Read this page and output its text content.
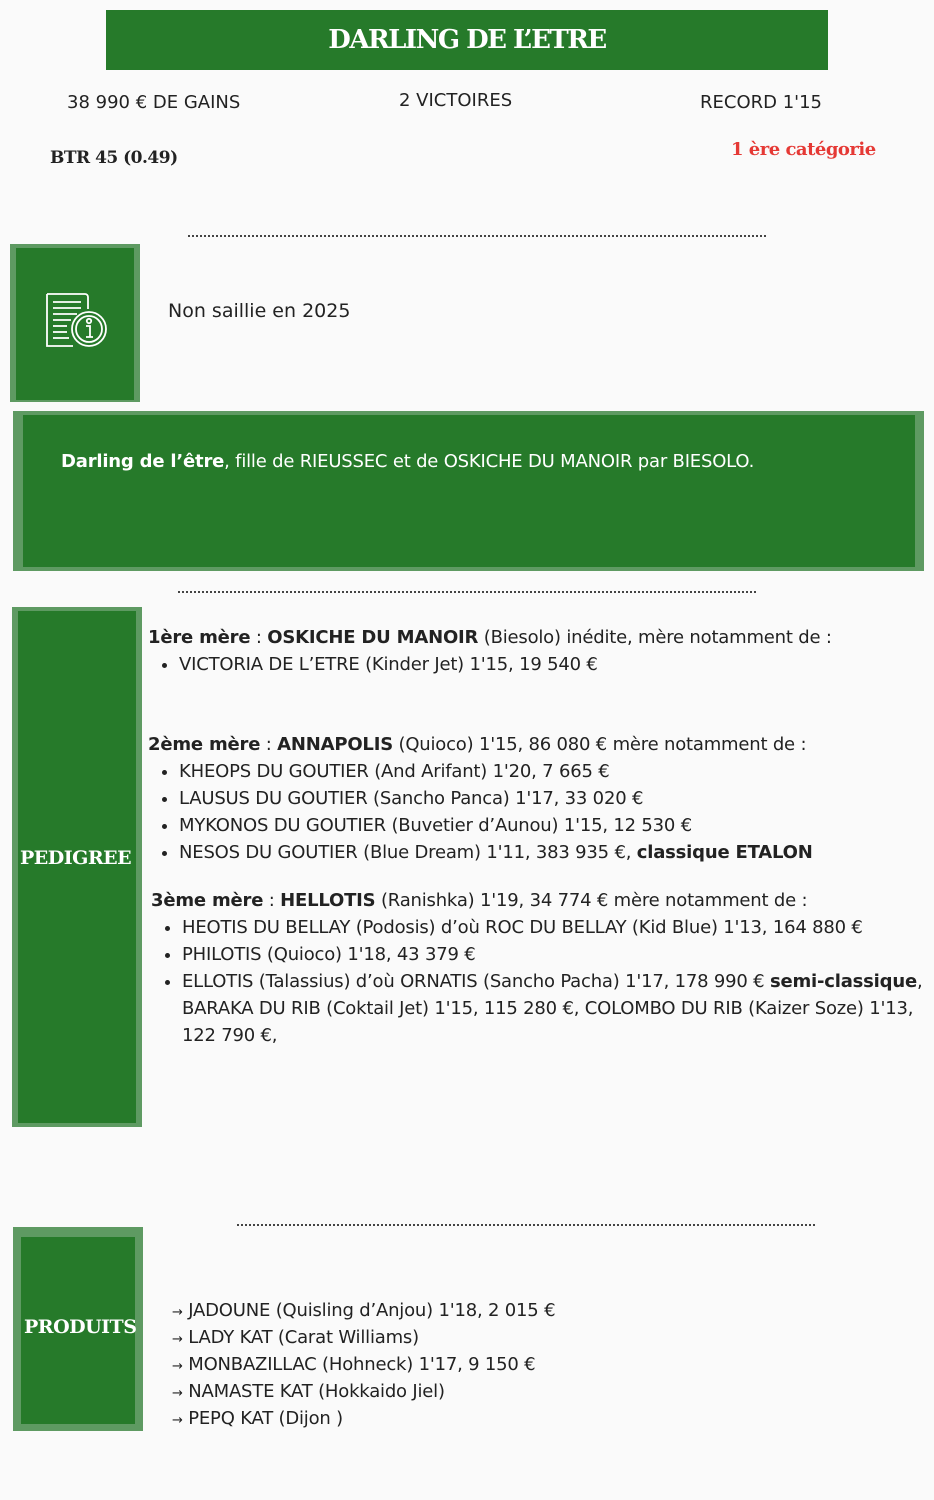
DARLING DE L’ETRE
38 990 € DE GAINS	2 VICTOIRES	RECORD 1'15
BTR 45 (0.49)	1 ère catégorie
Non saillie en 2025
Darling de l’être, fille de RIEUSSEC et de OSKICHE DU MANOIR par BIESOLO.
PEDIGREE

1ère mère : OSKICHE DU MANOIR (Biesolo) inédite, mère notamment de :

• VICTORIA DE L’ETRE (Kinder Jet) 1'15, 19 540 €

2ème mère : ANNAPOLIS (Quioco) 1'15, 86 080 € mère notamment de :

• KHEOPS DU GOUTIER (And Arifant) 1'20, 7 665 €
• LAUSUS DU GOUTIER (Sancho Panca) 1'17, 33 020 €
• MYKONOS DU GOUTIER (Buvetier d’Aunou) 1'15, 12 530 €
• NESOS DU GOUTIER (Blue Dream) 1'11, 383 935 €, classique ETALON

3ème mère : HELLOTIS (Ranishka) 1'19, 34 774 € mère notamment de :

• HEOTIS DU BELLAY (Podosis) d’où ROC DU BELLAY (Kid Blue) 1'13, 164 880 €
• PHILOTIS (Quioco) 1'18, 43 379 €
• ELLOTIS (Talassius) d’où ORNATIS (Sancho Pacha) 1'17, 178 990 € semi-classique, BARAKA DU RIB (Coktail Jet) 1'15, 115 280 €, COLOMBO DU RIB (Kaizer Soze) 1'13, 122 790 €,
PRODUITS
→ JADOUNE (Quisling d’Anjou) 1'18, 2 015 €
→ LADY KAT (Carat Williams)
→ MONBAZILLAC (Hohneck) 1'17, 9 150 €
→ NAMASTE KAT (Hokkaido Jiel)
→ PEPQ KAT (Dijon )
